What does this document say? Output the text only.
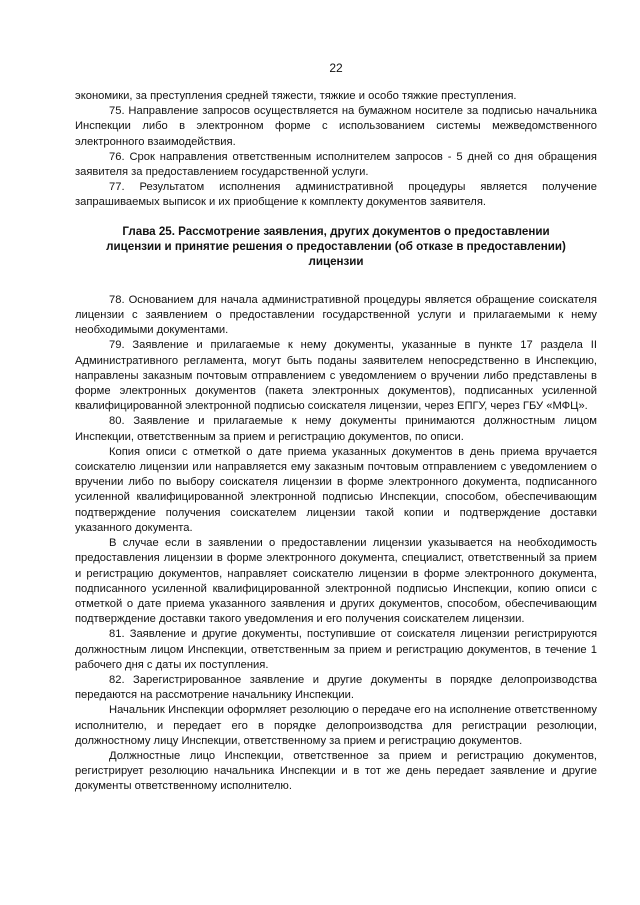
22

экономики, за преступления средней тяжести, тяжкие и особо тяжкие преступления.

75. Направление запросов осуществляется на бумажном носителе за подписью начальника Инспекции либо в электронном форме с использованием системы межведомственного электронного взаимодействия.

76. Срок направления ответственным исполнителем запросов - 5 дней со дня обращения заявителя за предоставлением государственной услуги.

77. Результатом исполнения административной процедуры является получение запрашиваемых выписок и их приобщение к комплекту документов заявителя.

Глава 25. Рассмотрение заявления, других документов о предоставлении лицензии и принятие решения о предоставлении (об отказе в предоставлении) лицензии

78. Основанием для начала административной процедуры является обращение соискателя лицензии с заявлением о предоставлении государственной услуги и прилагаемыми к нему необходимыми документами.

79. Заявление и прилагаемые к нему документы, указанные в пункте 17 раздела II Административного регламента, могут быть поданы заявителем непосредственно в Инспекцию, направлены заказным почтовым отправлением с уведомлением о вручении либо представлены в форме электронных документов (пакета электронных документов), подписанных усиленной квалифицированной электронной подписью соискателя лицензии, через ЕПГУ, через ГБУ «МФЦ».

80. Заявление и прилагаемые к нему документы принимаются должностным лицом Инспекции, ответственным за прием и регистрацию документов, по описи.

Копия описи с отметкой о дате приема указанных документов в день приема вручается соискателю лицензии или направляется ему заказным почтовым отправлением с уведомлением о вручении либо по выбору соискателя лицензии в форме электронного документа, подписанного усиленной квалифицированной электронной подписью Инспекции, способом, обеспечивающим подтверждение получения соискателем лицензии такой копии и подтверждение доставки указанного документа.

В случае если в заявлении о предоставлении лицензии указывается на необходимость предоставления лицензии в форме электронного документа, специалист, ответственный за прием и регистрацию документов, направляет соискателю лицензии в форме электронного документа, подписанного усиленной квалифицированной электронной подписью Инспекции, копию описи с отметкой о дате приема указанного заявления и других документов, способом, обеспечивающим подтверждение доставки такого уведомления и его получения соискателем лицензии.

81. Заявление и другие документы, поступившие от соискателя лицензии регистрируются должностным лицом Инспекции, ответственным за прием и регистрацию документов, в течение 1 рабочего дня с даты их поступления.

82. Зарегистрированное заявление и другие документы в порядке делопроизводства передаются на рассмотрение начальнику Инспекции.

Начальник Инспекции оформляет резолюцию о передаче его на исполнение ответственному исполнителю, и передает его в порядке делопроизводства для регистрации резолюции, должностному лицу Инспекции, ответственному за прием и регистрацию документов.

Должностные лицо Инспекции, ответственное за прием и регистрацию документов, регистрирует резолюцию начальника Инспекции и в тот же день передает заявление и другие документы ответственному исполнителю.
